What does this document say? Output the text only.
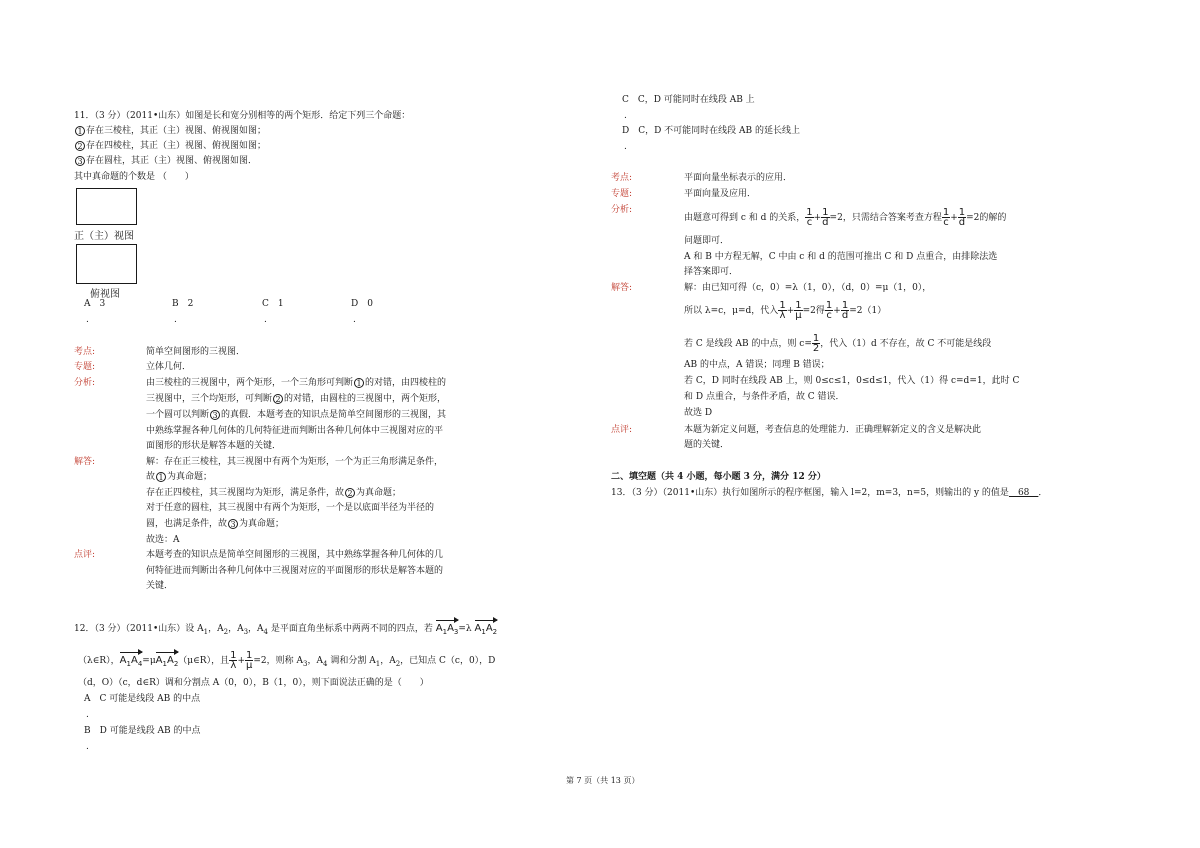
11．（3 分）（2011•山东）如图是长和宽分别相等的两个矩形．给定下列三个命题：
1 存在三棱柱，其正（主）视图、俯视图如图；
2 存在四棱柱，其正（主）视图、俯视图如图；
3 存在圆柱，其正（主）视图、俯视图如图．
其中真命题的个数是 （　　）
正（主）视图
俯视图
A　3	B　2	C　1	D　0
.	.	.	.
考点:	简单空间图形的三视图．
专题:	立体几何．
分析:	由三棱柱的三视图中，两个矩形，一个三角形可判断 1 的对错，由四棱柱的
三视图中，三个均矩形，可判断 2 的对错，由圆柱的三视图中，两个矩形，
一个圆可以判断 3 的真假．本题考查的知识点是简单空间图形的三视图，其
中熟练掌握各种几何体的几何特征进而判断出各种几何体中三视图对应的平
面图形的形状是解答本题的关键．
解答:	解：存在正三棱柱，其三视图中有两个为矩形，一个为正三角形满足条件，
故 1 为真命题；
存在正四棱柱，其三视图均为矩形，满足条件，故 2 为真命题；
对于任意的圆柱，其三视图中有两个为矩形，一个是以底面半径为半径的
圆，也满足条件，故 3 为真命题；
故选：A
点评:	本题考查的知识点是简单空间图形的三视图，其中熟练掌握各种几何体的几
何特征进而判断出各种几何体中三视图对应的平面图形的形状是解答本题的
关键．
12．（3 分）（2011•山东）设 $A_1$，$A_2$，$A_3$，$A_4$ 是平面直角坐标系中两两不同的四点，若 $A_1A_3=\lambda$ $A_1A_2$
（λ∈R），$A_1A_4=\mu A_1A_2(\mu\in R)$，且 $\frac{1}{\lambda} + \frac{1}{\mu} =2$，则称 $A_3$，$A_4$ 调和分割 $A_1$，$A_2$，已知点 C（c，0），D
（d，O）（c，d∈R）调和分割点 A（0，0），B（1，0），则下面说法正确的是（　　）
A　C 可能是线段 AB 的中点
.
B　D 可能是线段 AB 的中点
.
C　C，D 可能同时在线段 AB 上
.
D　C，D 不可能同时在线段 AB 的延长线上
.
考点:	平面向量坐标表示的应用．
专题:	平面向量及应用．
分析:
由题意可得到 c 和 d 的关系， $\frac{1}{c} + \frac{1}{d} =2$，只需结合答案考查方程 $\frac{1}{c} + \frac{1}{d} =2$的解的
问题即可．
A 和 B 中方程无解，C 中由 c 和 d 的范围可推出 C 和 D 点重合，由排除法选
择答案即可．
解答:	解：由已知可得（c，0）=λ（1，0），（d，0）=μ（1，0），
所以 λ=c，μ=d，代入 $\frac{1}{\lambda} + \frac{1}{\mu} =2$得 $\frac{1}{c} + \frac{1}{d} =2(1)$
若 C 是线段 AB 的中点，则 $c= \frac{1}{2}$ ，代入（1）d 不存在，故 C 不可能是线段
AB 的中点，A 错误；同理 B 错误；
若 C，D 同时在线段 AB 上，则 0≤c≤1，0≤d≤1，代入（1）得 c=d=1，此时 C
和 D 点重合，与条件矛盾，故 C 错误．
故选 D
点评:	本题为新定义问题，考查信息的处理能力．正确理解新定义的含义是解决此
题的关键．
二、填空题（共 4 小题，每小题 3 分，满分 12 分）
13．（3 分）（2011•山东）执行如图所示的程序框图，输入 l=2，m=3，n=5，则输出的 y 的值是　68　．
第 7 页（共 13 页）
